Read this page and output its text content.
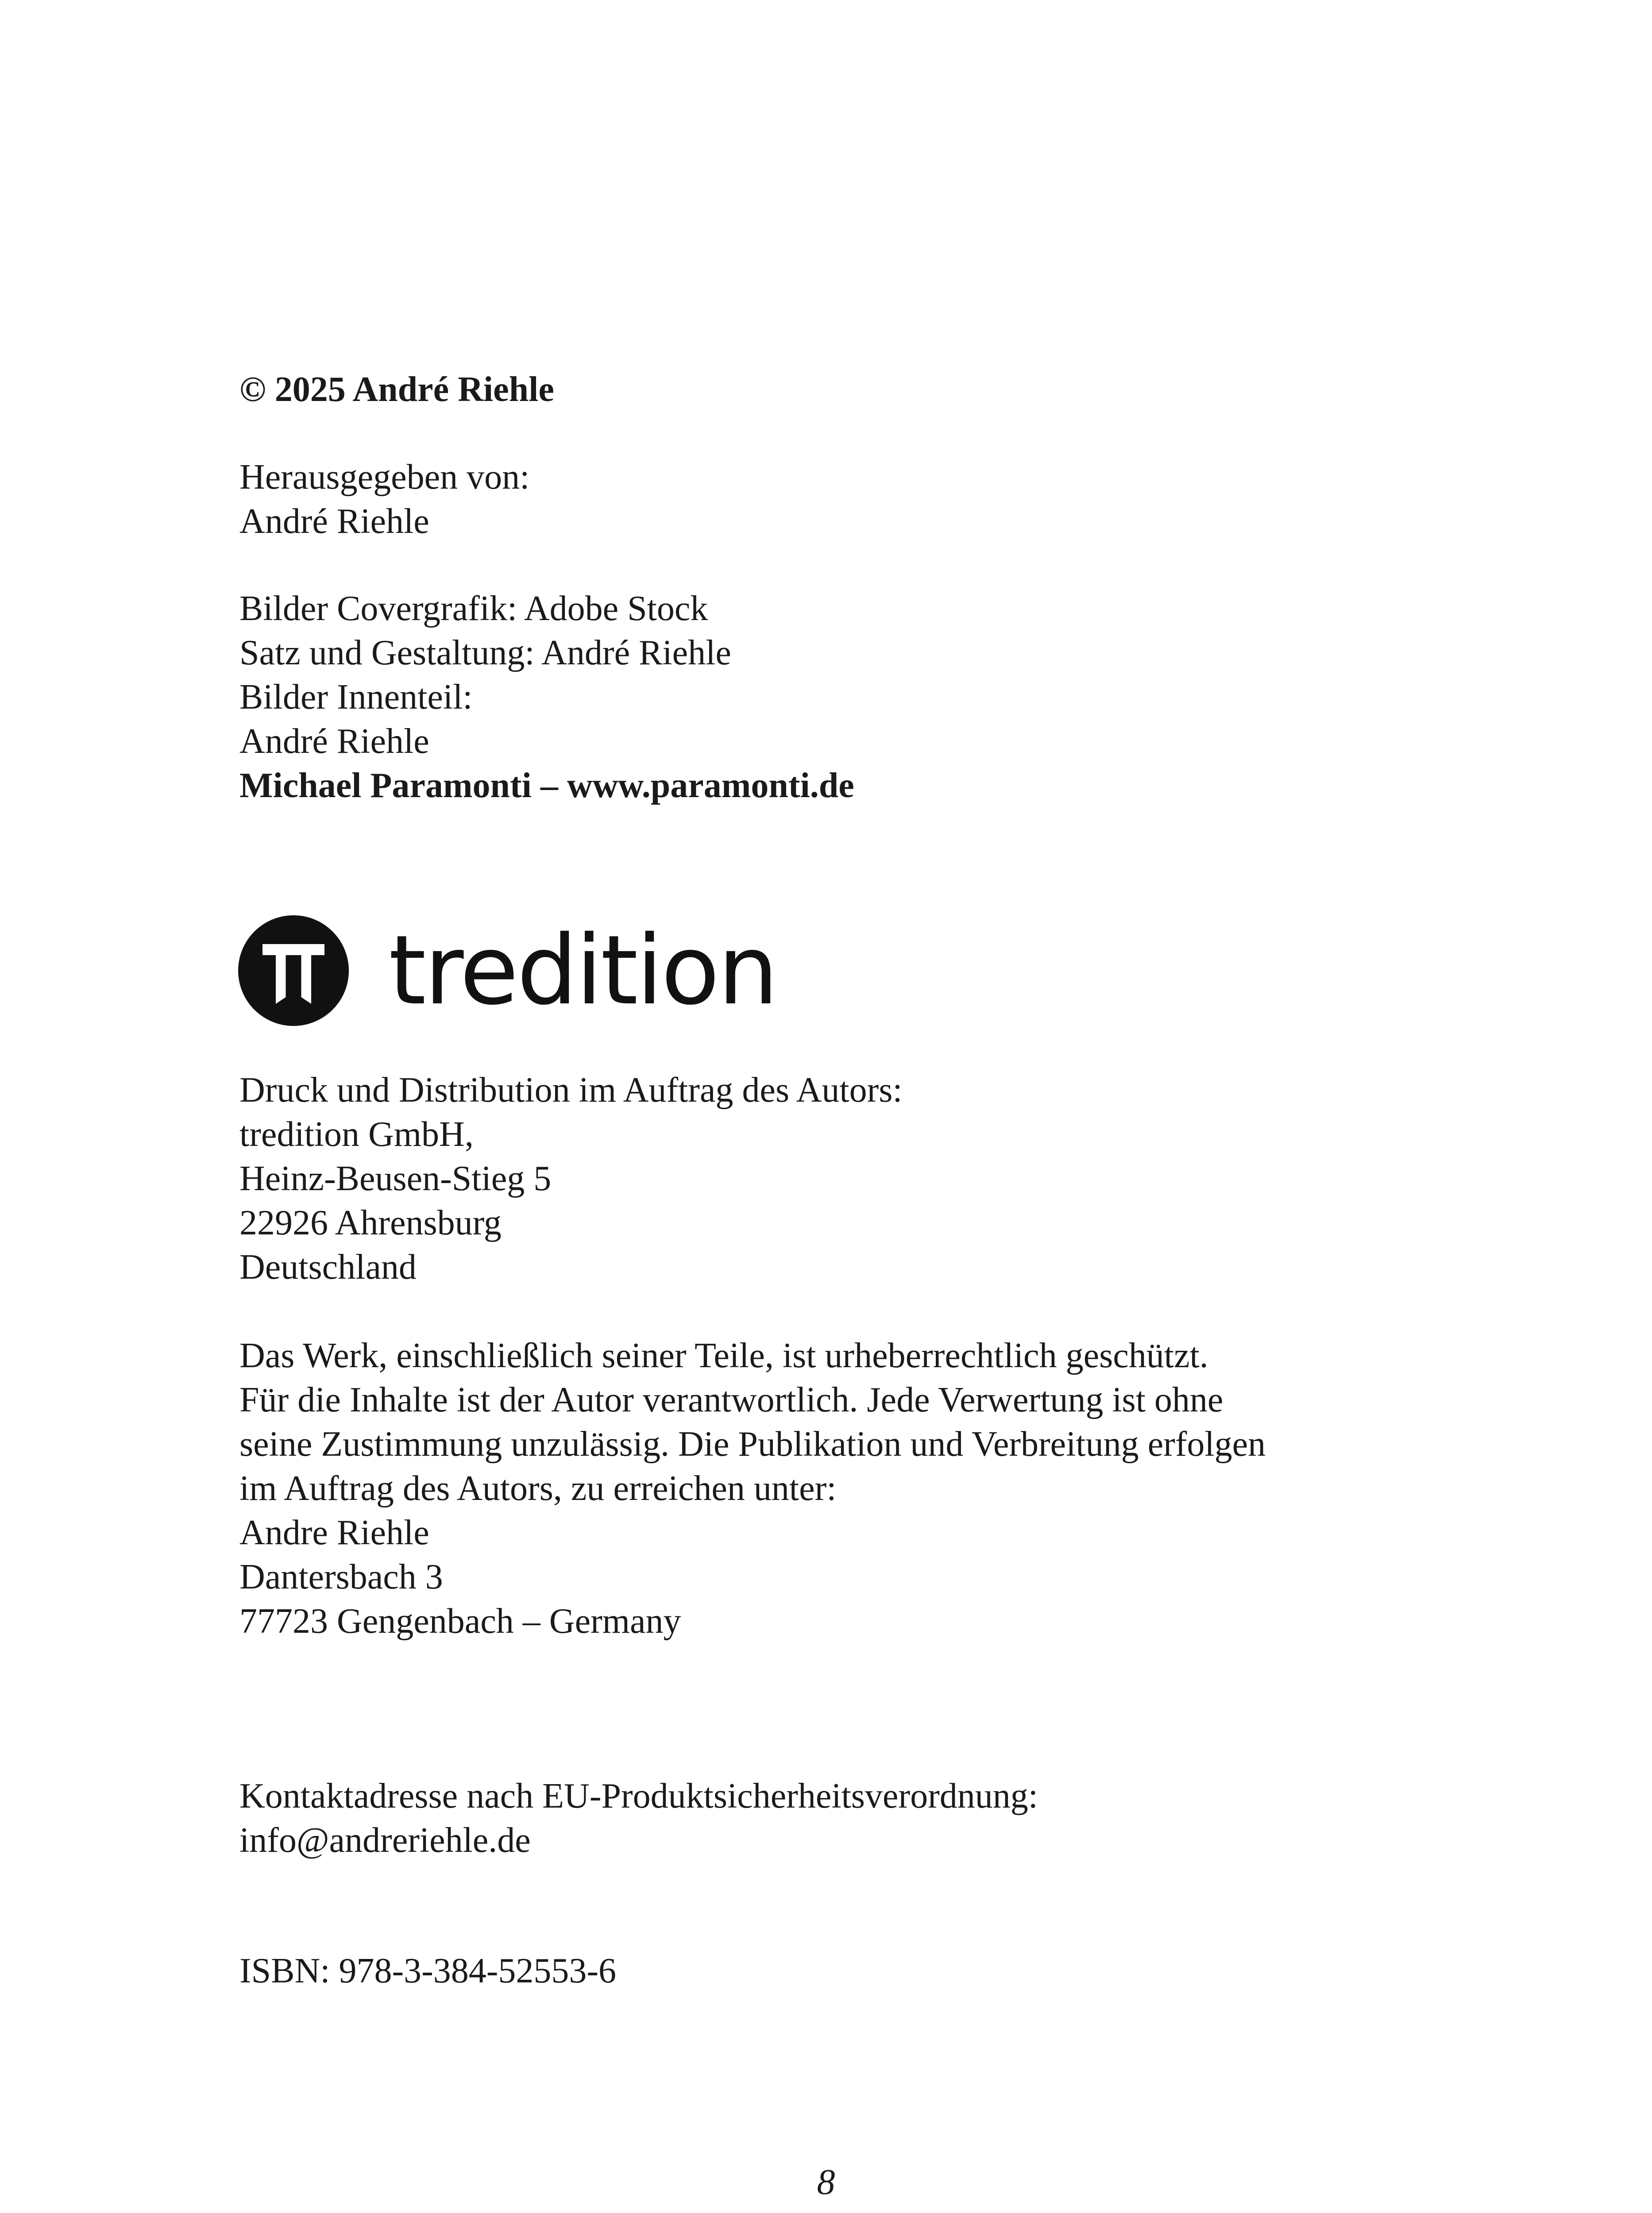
© 2025 André Riehle
Herausgegeben von:
André Riehle
Bilder Covergrafik: Adobe Stock
Satz und Gestaltung: André Riehle
Bilder Innenteil:
André Riehle
Michael Paramonti – www.paramonti.de
tredition
Druck und Distribution im Auftrag des Autors:
tredition GmbH,
Heinz-Beusen-Stieg 5
22926 Ahrensburg
Deutschland
Das Werk, einschließlich seiner Teile, ist urheberrechtlich geschützt.
Für die Inhalte ist der Autor verantwortlich. Jede Verwertung ist ohne
seine Zustimmung unzulässig. Die Publikation und Verbreitung erfolgen
im Auftrag des Autors, zu erreichen unter:
Andre Riehle
Dantersbach 3
77723 Gengenbach – Germany
Kontaktadresse nach EU-Produktsicherheitsverordnung:
info@andreriehle.de
ISBN: 978-3-384-52553-6
8
